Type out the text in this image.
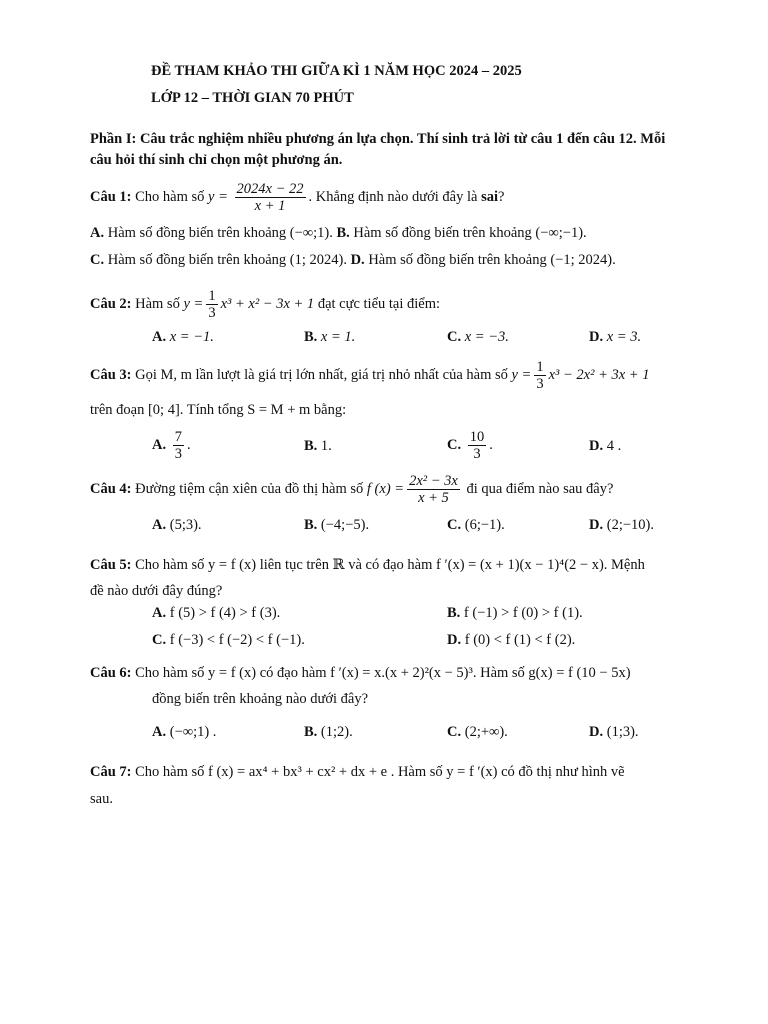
ĐỀ THAM KHẢO THI GIỮA KÌ 1 NĂM HỌC 2024 – 2025
LỚP 12 – THỜI GIAN 70 PHÚT
Phần I: Câu trắc nghiệm nhiều phương án lựa chọn. Thí sinh trả lời từ câu 1 đến câu 12. Mỗi
câu hỏi thí sinh chỉ chọn một phương án.
Câu 1: Cho hàm số $y = \frac{2024x - 22}{x + 1}$ . Khẳng định nào dưới đây là sai?
A. Hàm số đồng biến trên khoảng (−∞;1). B. Hàm số đồng biến trên khoảng (−∞;−1).
C. Hàm số đồng biến trên khoảng (1; 2024). D. Hàm số đồng biến trên khoảng (−1; 2024).
Câu 2: Hàm số $y = \frac{1}{3} x^3 + x^2 - 3x + 1$ đạt cực tiểu tại điểm:
A. x = −1.	B. x = 1.	C. x = −3.	D. x = 3.
Câu 3: Gọi M, m lần lượt là giá trị lớn nhất, giá trị nhỏ nhất của hàm số $y = \frac{1}{3} x^3 - 2x^2 + 3x + 1$
trên đoạn [0; 4]. Tính tổng S = M + m bằng:
A. $\frac{7}{3}$ .	B. 1.	C. $\frac{10}{3}$ .	D. 4 .
Câu 4: Đường tiệm cận xiên của đồ thị hàm số f $(x) = \frac{\text{2x² − 3x}}{x + 5}$ đi qua điểm nào sau đây?
A. (5;3).	B. (−4;−5).	C. (6;−1).	D. (2;−10).
Câu 5: Cho hàm số y = f (x) liên tục trên ℝ và có đạo hàm f ′(x) = (x + 1)(x − 1)⁴(2 − x). Mệnh
đề nào dưới đây đúng?
A. f (5) > f (4) > f (3).	B. f (−1) > f (0) > f (1).
C. f (−3) < f (−2) < f (−1).	D. f (0) < f (1) < f (2).
Câu 6: Cho hàm số y = f (x) có đạo hàm f ′(x) = x.(x + 2)²(x − 5)³. Hàm số g(x) = f (10 − 5x)
đồng biến trên khoảng nào dưới đây?
A. (−∞;1) .	B. (1;2).	C. (2;+∞).	D. (1;3).
Câu 7: Cho hàm số f (x) = ax⁴ + bx³ + cx² + dx + e . Hàm số y = f ′(x) có đồ thị như hình vẽ
sau.
